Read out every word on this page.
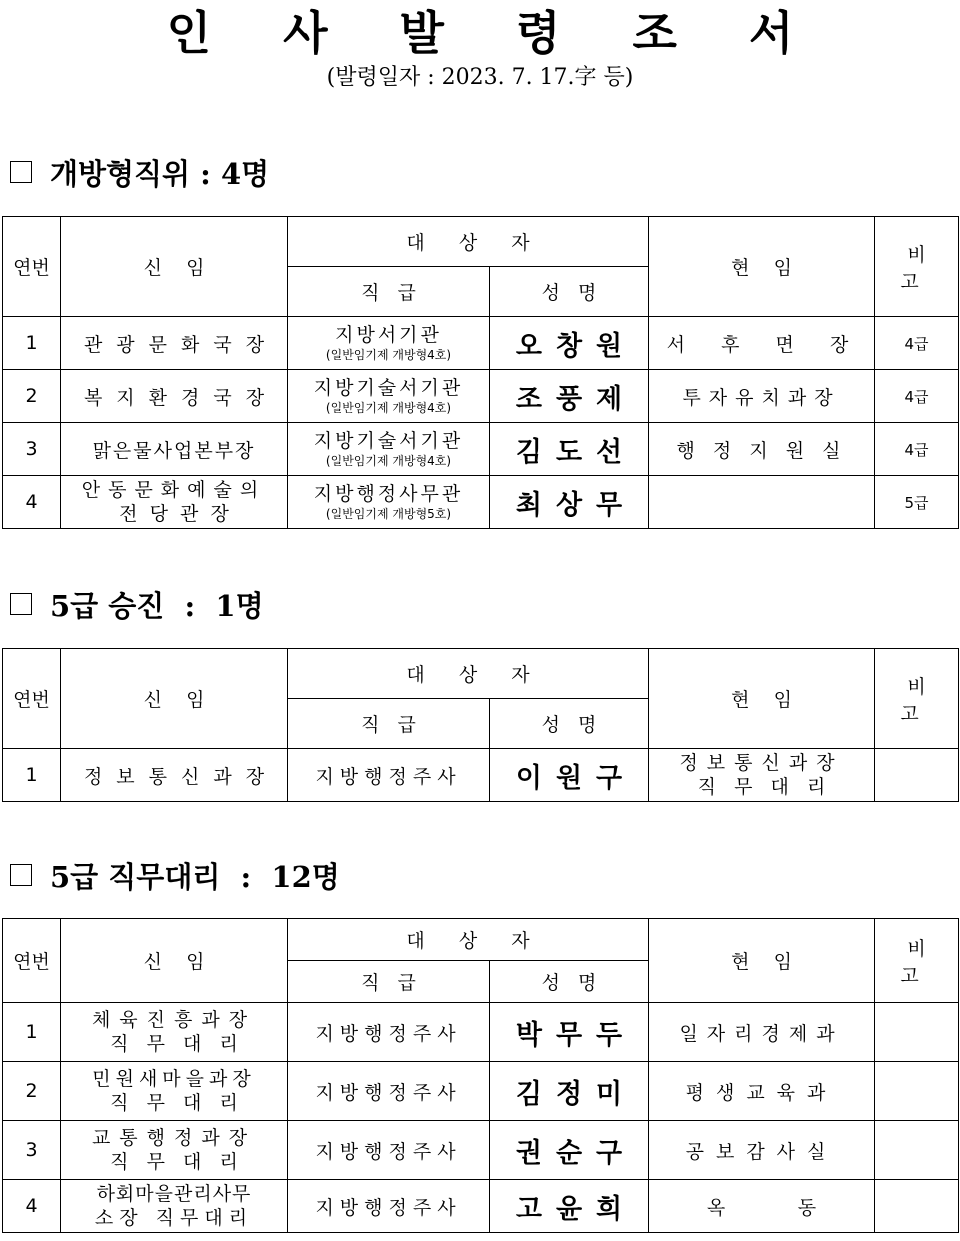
인 사 발 령 조 서
(발령일자 : 2023. 7. 17.字 등)
개방형직위 : 4명
연번	신    임	대 상 자		현    임	비 고
		직   급	성   명		
1	관광문화국장	지방서기관
(일반임기제 개방형4호)	오창원	서  후  면  장	4급
2	복지환경국장	지방기술서기관
(일반임기제 개방형4호)	조풍제	투자유치과장	4급
3	맑은물사업본부장	지방기술서기관
(일반임기제 개방형4호)	김도선	행 정 지 원 실	4급
4	안동문화예술의
전  당  관  장	지방행정사무관
(일반임기제 개방형5호)	최상무		5급
5급 승진  :  1명
연번	신    임	대 상 자		현    임	비 고
		직   급	성   명		
1	정보통신과장	지방행정주사	이원구	정보통신과장
직   무   대   리	

5급 직무대리  :  12명
연번	신    임	대 상 자		현    임	비 고
		직   급	성   명		
1	체육진흥과장
직   무   대   리	지방행정주사	박무두	일자리경제과	
2	민원새마을과장
직   무   대   리	지방행정주사	김정미	평생교육과	
3	교통행정과장
직   무   대   리	지방행정주사	권순구	공보감사실	
4	하회마을관리사무
소장 직무대리	지방행정주사	고윤희	옥            동	
